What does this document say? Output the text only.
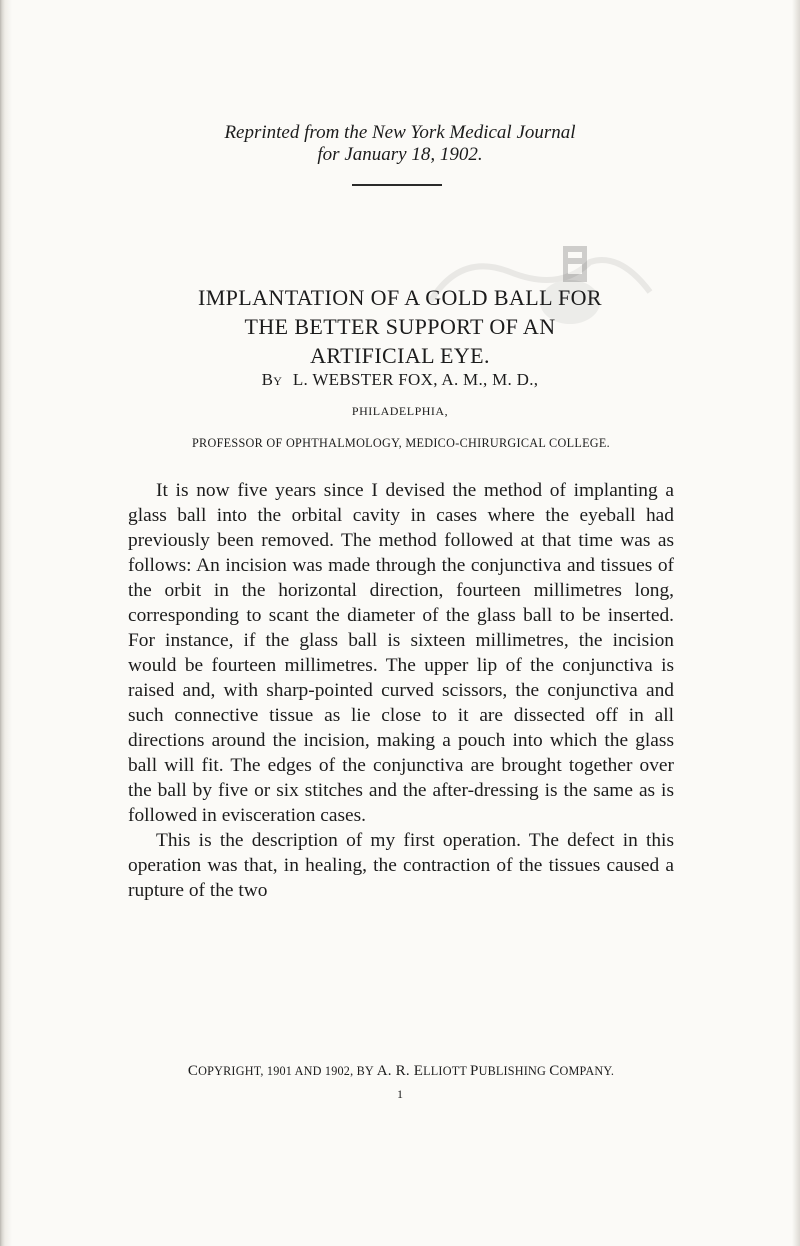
Reprinted from the New York Medical Journal
for January 18, 1902.
IMPLANTATION OF A GOLD BALL FOR
THE BETTER SUPPORT OF AN
ARTIFICIAL EYE.
By L. WEBSTER FOX, A. M., M. D.,
PHILADELPHIA,
PROFESSOR OF OPHTHALMOLOGY, MEDICO-CHIRURGICAL COLLEGE.

It is now five years since I devised the method of implanting a glass ball into the orbital cavity in cases where the eyeball had previously been removed. The method followed at that time was as follows: An incision was made through the conjunctiva and tissues of the orbit in the horizontal direction, fourteen millimetres long, corresponding to scant the diameter of the glass ball to be inserted. For instance, if the glass ball is sixteen millimetres, the incision would be fourteen millimetres. The upper lip of the conjunctiva is raised and, with sharp-pointed curved scissors, the conjunctiva and such connective tissue as lie close to it are dissected off in all directions around the incision, making a pouch into which the glass ball will fit. The edges of the conjunctiva are brought together over the ball by five or six stitches and the after-dressing is the same as is followed in evisceration cases.

This is the description of my first operation. The defect in this operation was that, in healing, the contraction of the tissues caused a rupture of the two

COPYRIGHT, 1901 AND 1902, BY A. R. ELLIOTT PUBLISHING COMPANY.
1
